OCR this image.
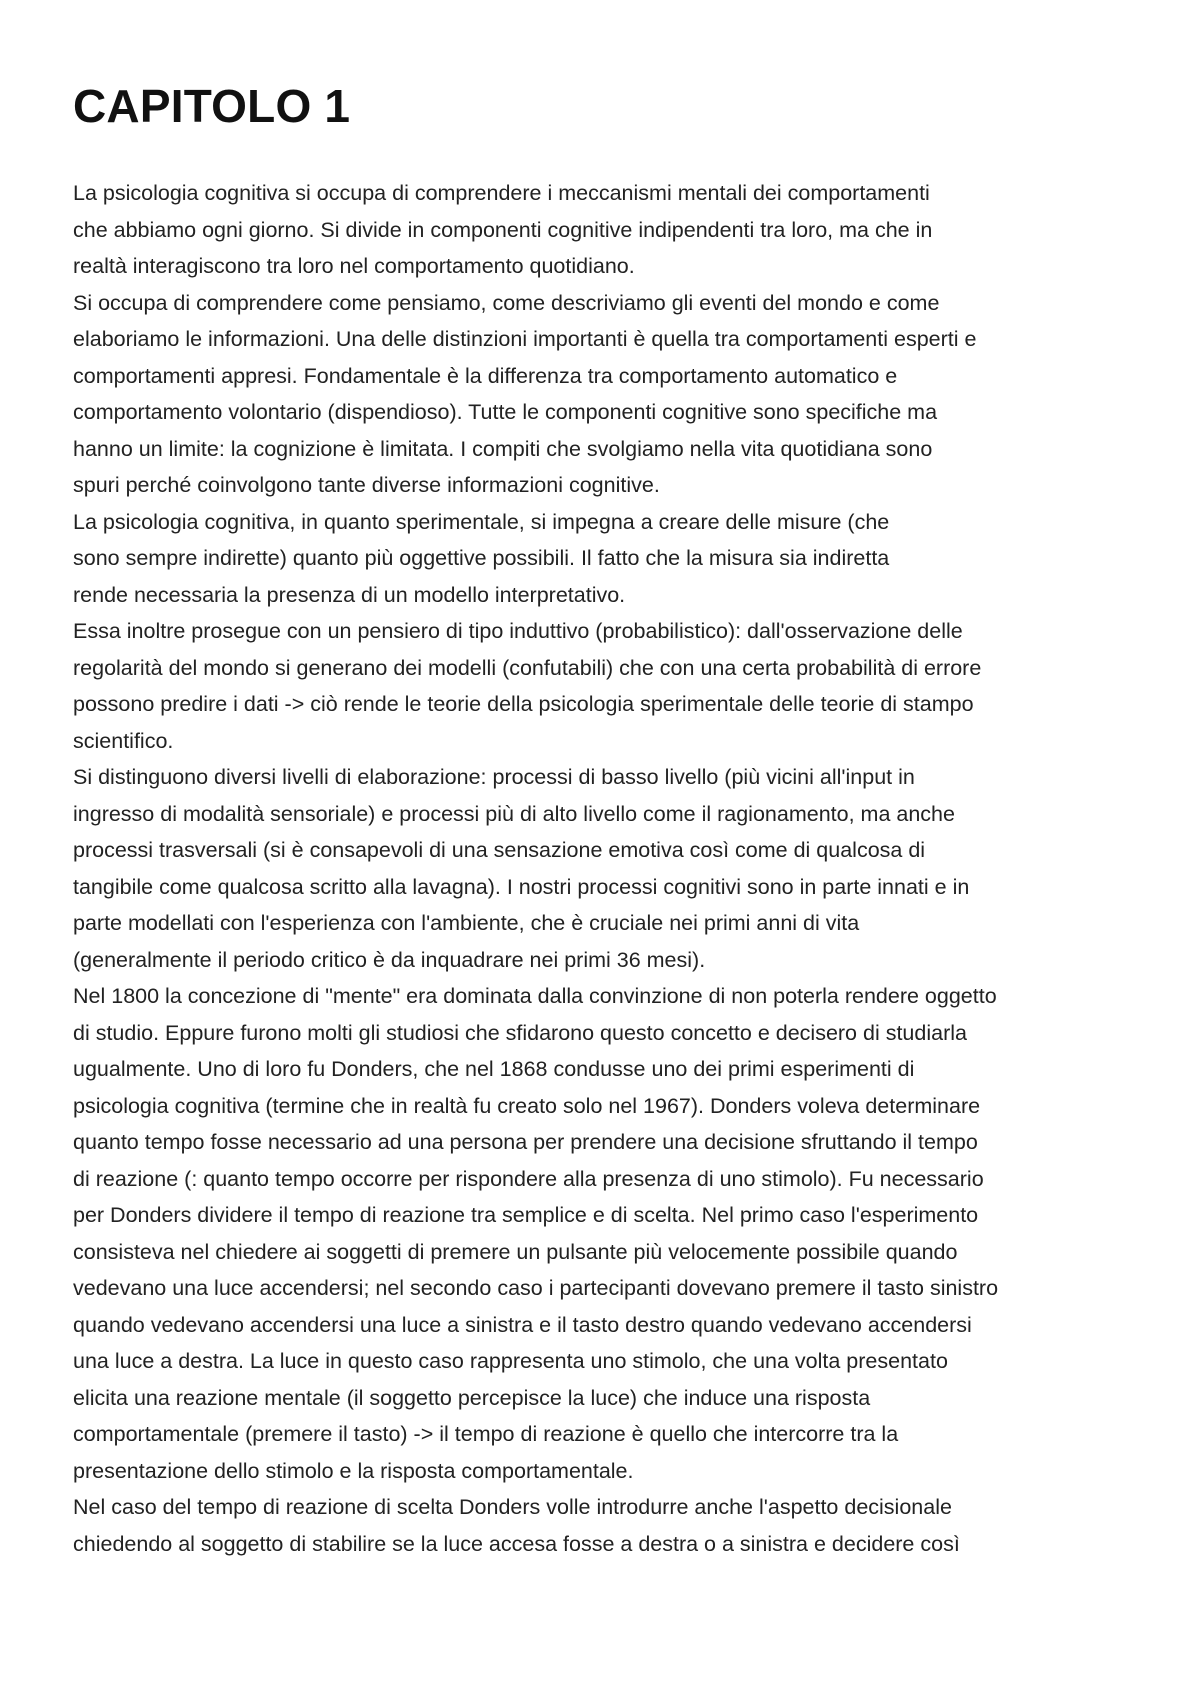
CAPITOLO 1

La psicologia cognitiva si occupa di comprendere i meccanismi mentali dei comportamenti
che abbiamo ogni giorno. Si divide in componenti cognitive indipendenti tra loro, ma che in
realtà interagiscono tra loro nel comportamento quotidiano.

Si occupa di comprendere come pensiamo, come descriviamo gli eventi del mondo e come
elaboriamo le informazioni. Una delle distinzioni importanti è quella tra comportamenti esperti e
comportamenti appresi. Fondamentale è la differenza tra comportamento automatico e
comportamento volontario (dispendioso). Tutte le componenti cognitive sono specifiche ma
hanno un limite: la cognizione è limitata. I compiti che svolgiamo nella vita quotidiana sono
spuri perché coinvolgono tante diverse informazioni cognitive.

La psicologia cognitiva, in quanto sperimentale, si impegna a creare delle misure (che
sono sempre indirette) quanto più oggettive possibili. Il fatto che la misura sia indiretta
rende necessaria la presenza di un modello interpretativo.

Essa inoltre prosegue con un pensiero di tipo induttivo (probabilistico): dall'osservazione delle
regolarità del mondo si generano dei modelli (confutabili) che con una certa probabilità di errore
possono predire i dati -> ciò rende le teorie della psicologia sperimentale delle teorie di stampo
scientifico.

Si distinguono diversi livelli di elaborazione: processi di basso livello (più vicini all'input in
ingresso di modalità sensoriale) e processi più di alto livello come il ragionamento, ma anche
processi trasversali (si è consapevoli di una sensazione emotiva così come di qualcosa di
tangibile come qualcosa scritto alla lavagna). I nostri processi cognitivi sono in parte innati e in
parte modellati con l'esperienza con l'ambiente, che è cruciale nei primi anni di vita
(generalmente il periodo critico è da inquadrare nei primi 36 mesi).

Nel 1800 la concezione di "mente" era dominata dalla convinzione di non poterla rendere oggetto
di studio. Eppure furono molti gli studiosi che sfidarono questo concetto e decisero di studiarla
ugualmente. Uno di loro fu Donders, che nel 1868 condusse uno dei primi esperimenti di
psicologia cognitiva (termine che in realtà fu creato solo nel 1967). Donders voleva determinare
quanto tempo fosse necessario ad una persona per prendere una decisione sfruttando il tempo
di reazione (: quanto tempo occorre per rispondere alla presenza di uno stimolo). Fu necessario
per Donders dividere il tempo di reazione tra semplice e di scelta. Nel primo caso l'esperimento
consisteva nel chiedere ai soggetti di premere un pulsante più velocemente possibile quando
vedevano una luce accendersi; nel secondo caso i partecipanti dovevano premere il tasto sinistro
quando vedevano accendersi una luce a sinistra e il tasto destro quando vedevano accendersi
una luce a destra. La luce in questo caso rappresenta uno stimolo, che una volta presentato
elicita una reazione mentale (il soggetto percepisce la luce) che induce una risposta
comportamentale (premere il tasto) -> il tempo di reazione è quello che intercorre tra la
presentazione dello stimolo e la risposta comportamentale.

Nel caso del tempo di reazione di scelta Donders volle introdurre anche l'aspetto decisionale
chiedendo al soggetto di stabilire se la luce accesa fosse a destra o a sinistra e decidere così
